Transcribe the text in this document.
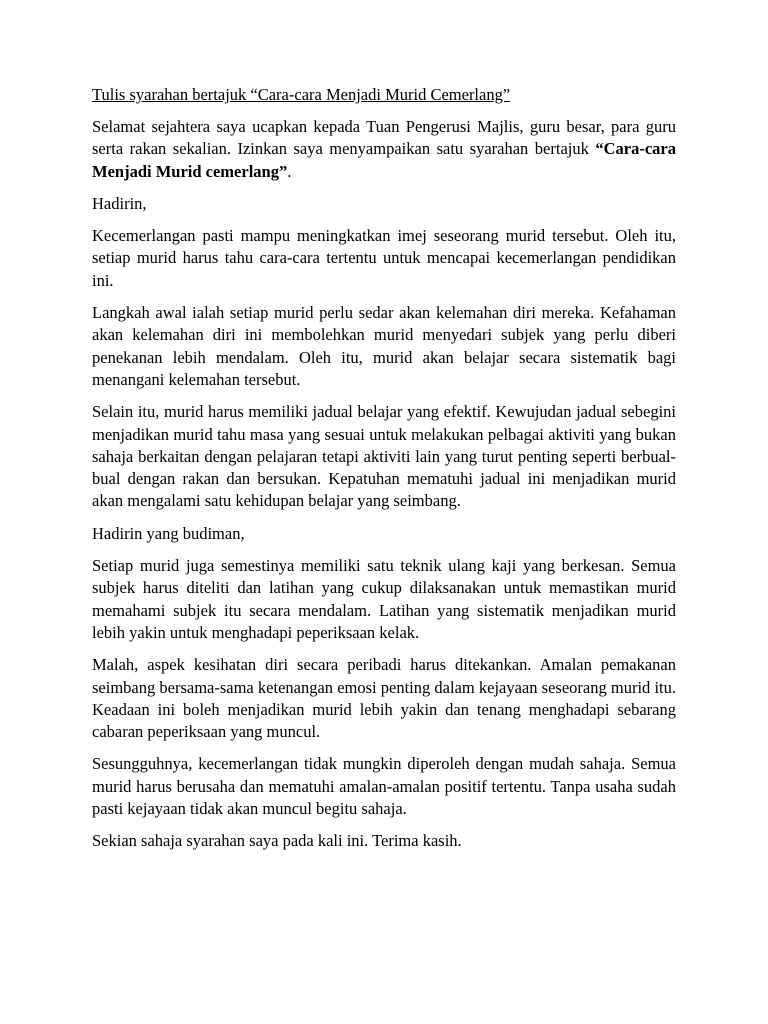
Tulis syarahan bertajuk “Cara-cara Menjadi Murid Cemerlang”

Selamat sejahtera saya ucapkan kepada Tuan Pengerusi Majlis, guru besar, para guru serta rakan sekalian. Izinkan saya menyampaikan satu syarahan bertajuk “Cara-cara Menjadi Murid cemerlang”.

Hadirin,

Kecemerlangan pasti mampu meningkatkan imej seseorang murid tersebut. Oleh itu, setiap murid harus tahu cara-cara tertentu untuk mencapai kecemerlangan pendidikan ini.

Langkah awal ialah setiap murid perlu sedar akan kelemahan diri mereka. Kefahaman akan kelemahan diri ini membolehkan murid menyedari subjek yang perlu diberi penekanan lebih mendalam. Oleh itu, murid akan belajar secara sistematik bagi menangani kelemahan tersebut.

Selain itu, murid harus memiliki jadual belajar yang efektif. Kewujudan jadual sebegini menjadikan murid tahu masa yang sesuai untuk melakukan pelbagai aktiviti yang bukan sahaja berkaitan dengan pelajaran tetapi aktiviti lain yang turut penting seperti berbual-bual dengan rakan dan bersukan. Kepatuhan mematuhi jadual ini menjadikan murid akan mengalami satu kehidupan belajar yang seimbang.

Hadirin yang budiman,

Setiap murid juga semestinya memiliki satu teknik ulang kaji yang berkesan. Semua subjek harus diteliti dan latihan yang cukup dilaksanakan untuk memastikan murid memahami subjek itu secara mendalam. Latihan yang sistematik menjadikan murid lebih yakin untuk menghadapi peperiksaan kelak.

Malah, aspek kesihatan diri secara peribadi harus ditekankan. Amalan pemakanan seimbang bersama-sama ketenangan emosi penting dalam kejayaan seseorang murid itu. Keadaan ini boleh menjadikan murid lebih yakin dan tenang menghadapi sebarang cabaran peperiksaan yang muncul.

Sesungguhnya, kecemerlangan tidak mungkin diperoleh dengan mudah sahaja. Semua murid harus berusaha dan mematuhi amalan-amalan positif tertentu. Tanpa usaha sudah pasti kejayaan tidak akan muncul begitu sahaja.

Sekian sahaja syarahan saya pada kali ini. Terima kasih.
